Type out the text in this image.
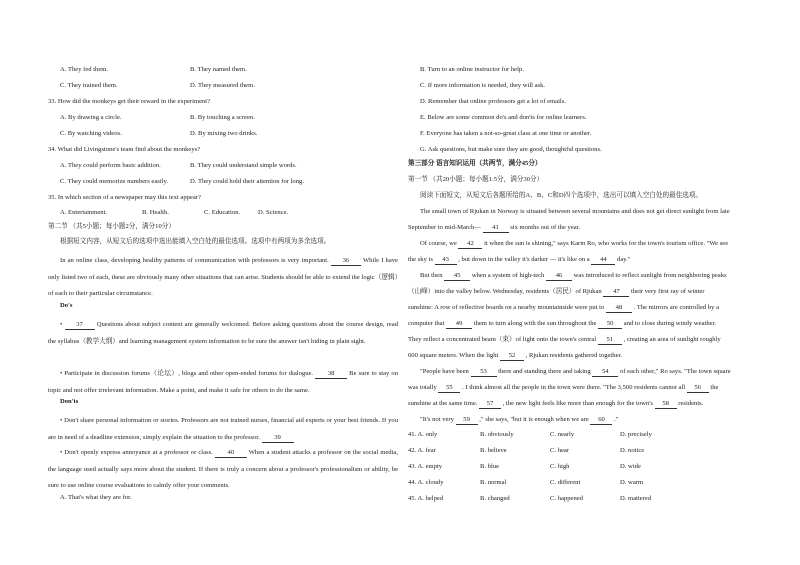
A. They fed them.	B. They named them.
C. They trained them.	D. They measured them.
33. How did the monkeys get their reward in the experiment?
A. By drawing a circle.	B. By touching a screen.
C. By watching videos.	D. By mixing two drinks.
34. What did Livingstone's team find about the monkeys?
A. They could perform basic addition.	B. They could understand simple words.
C. They could memorize numbers easily.	D. They could hold their attention for long.
35. In which section of a newspaper may this text appear?
A. Entertainment.	B. Health.	C. Education.	D. Science.
第二节 （共5小题；每小题2分，满分10分）
根据短文内容，从短文后的选项中选出能填入空白处的最佳选项。选项中有两项为多余选项。
In an online class, developing healthy patterns of communication with professors is very important. 36 While I have only listed two of each, these are obviously many other situations that can arise. Students should be able to extend the logic（逻辑）of each to their particular circumstance.
Do's
• 37 Questions about subject content are generally welcomed. Before asking questions about the course design, read the syllabus（教学大纲）and learning management system information to be sure the answer isn't hiding in plain sight.
• Participate in discussion forums（论坛）, blogs and other open-ended forums for dialogue. 38 Be sure to stay on topic and not offer irrelevant information. Make a point, and make it safe for others to do the same.
Don'ts
• Don't share personal information or stories. Professors are not trained nurses, financial aid experts or your best friends. If you are in need of a deadline extension, simply explain the situation to the professor. 39
• Don't openly express annoyance at a professor or class. 40 When a student attacks a professor on the social media, the language used actually says more about the student. If there is truly a concern about a professor's professionalism or ability, be sure to use online course evaluations to calmly offer your comments.
A. That's what they are for.
B. Turn to an online instructor for help.
C. If more information is needed, they will ask.
D. Remember that online professors get a lot of emails.
E. Below are some common do's and don'ts for online learners.
F. Everyone has taken a not-so-great class at one time or another.
G. Ask questions, but make sure they are good, thoughtful questions.
第三部分 语言知识运用（共两节，满分45分）
第一节 （共20小题；每小题1.5分，满分30分）
阅读下面短文，从短文后各题所给的A、B、C和D四个选项中，选出可以填入空白处的最佳选项。
The small town of Rjukan in Norway is situated between several mountains and does not get direct sunlight from late
September to mid-March— 41 six months out of the year.
Of course, we 42 it when the sun is shining," says Karin Ro, who works for the town's tourism office. "We see
the sky is 43 , but down in the valley it's darker — it's like on a 44 day."
But then 45 when a system of high-tech 46 was introduced to reflect sunlight from neighboring peaks
（山峰）into the valley below. Wednesday, residents（居民）of Rjukan 47 their very first ray of winter
sunshine: A row of reflective boards on a nearby mountainside were put to 48 . The mirrors are controlled by a
computer that 49 them to turn along with the sun throughout the 50 and to close during windy weather.
They reflect a concentrated beam（束）of light onto the town's central 51 , creating an area of sunlight roughly
600 square meters. When the light 52 , Rjukan residents gathered together.
"People have been 53 there and standing there and taking 54 of each other," Ro says. "The town square
was totally 55 . I think almost all the people in the town were there. "The 3,500 residents cannot all 56 the
sunshine at the same time. 57 , the new light feels like more than enough for the town's 58 residents.
"It's not very 59 ," she says, "but it is enough when we are 60 ."
41. A. only	B. obviously	C. nearly	D. precisely
42. A. fear	B. believe	C. hear	D. notice
43. A. empty	B. blue	C. high	D. wide
44. A. cloudy	B. normal	C. different	D. warm
45. A. helped	B. changed	C. happened	D. mattered
